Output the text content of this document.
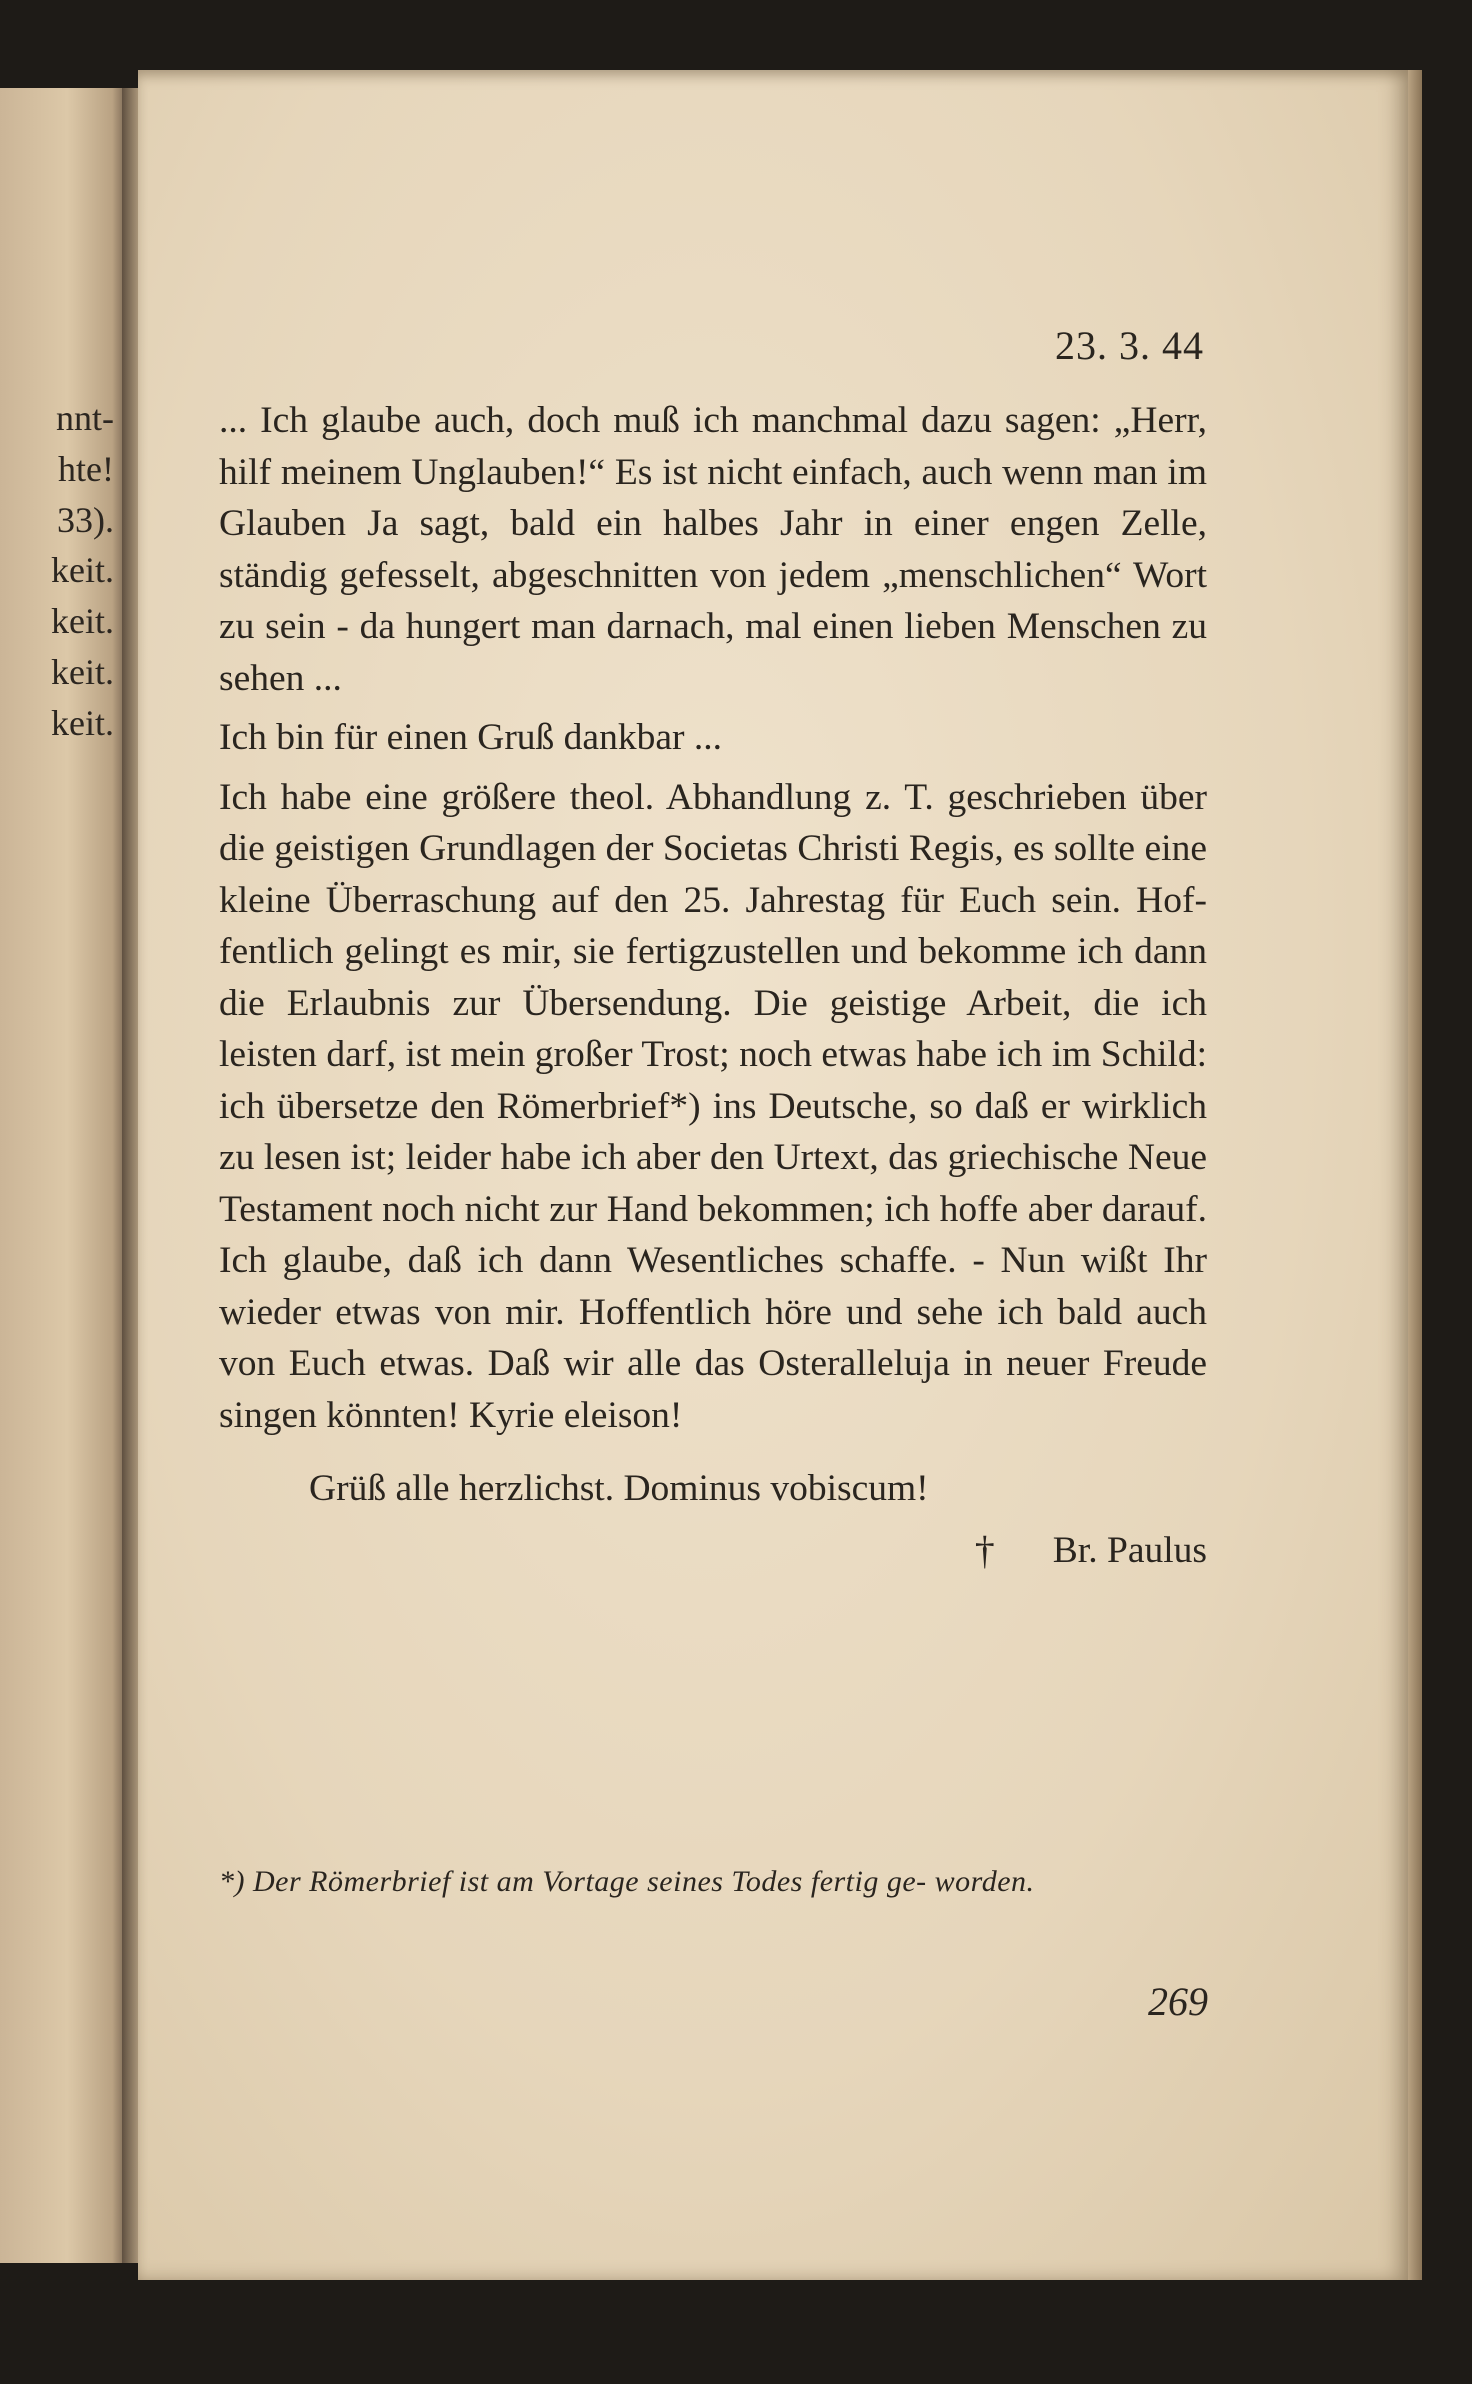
nnt-

hte!

33).

keit.

keit.

keit.

keit.

23. 3. 44

... Ich glaube auch, doch muß ich manchmal dazu sagen: „Herr, hilf meinem Unglauben!“ Es ist nicht einfach, auch wenn man im Glauben Ja sagt, bald ein halbes Jahr in einer engen Zelle, ständig gefesselt, abgeschnitten von jedem „menschlichen“ Wort zu sein - da hungert man darnach, mal einen lieben Menschen zu sehen ...

Ich bin für einen Gruß dankbar ...

Ich habe eine größere theol. Abhandlung z. T. geschrieben über die geistigen Grundlagen der Societas Christi Regis, es sollte eine kleine Überraschung auf den 25. Jahrestag für Euch sein. Hoffentlich gelingt es mir, sie fertigzustellen und bekomme ich dann die Erlaubnis zur Übersendung. Die geistige Arbeit, die ich leisten darf, ist mein großer Trost; noch etwas habe ich im Schild: ich übersetze den Römerbrief*) ins Deutsche, so daß er wirklich zu lesen ist; leider habe ich aber den Urtext, das griechische Neue Testament noch nicht zur Hand bekommen; ich hoffe aber darauf. Ich glaube, daß ich dann Wesentliches schaffe. - Nun wißt Ihr wieder etwas von mir. Hoffentlich höre und sehe ich bald auch von Euch etwas. Daß wir alle das Osteralleluja in neuer Freude singen könnten! Kyrie eleison!

Grüß alle herzlichst. Dominus vobiscum!

† Br. Paulus
*) Der Römerbrief ist am Vortage seines Todes fertig ge- worden.

269
